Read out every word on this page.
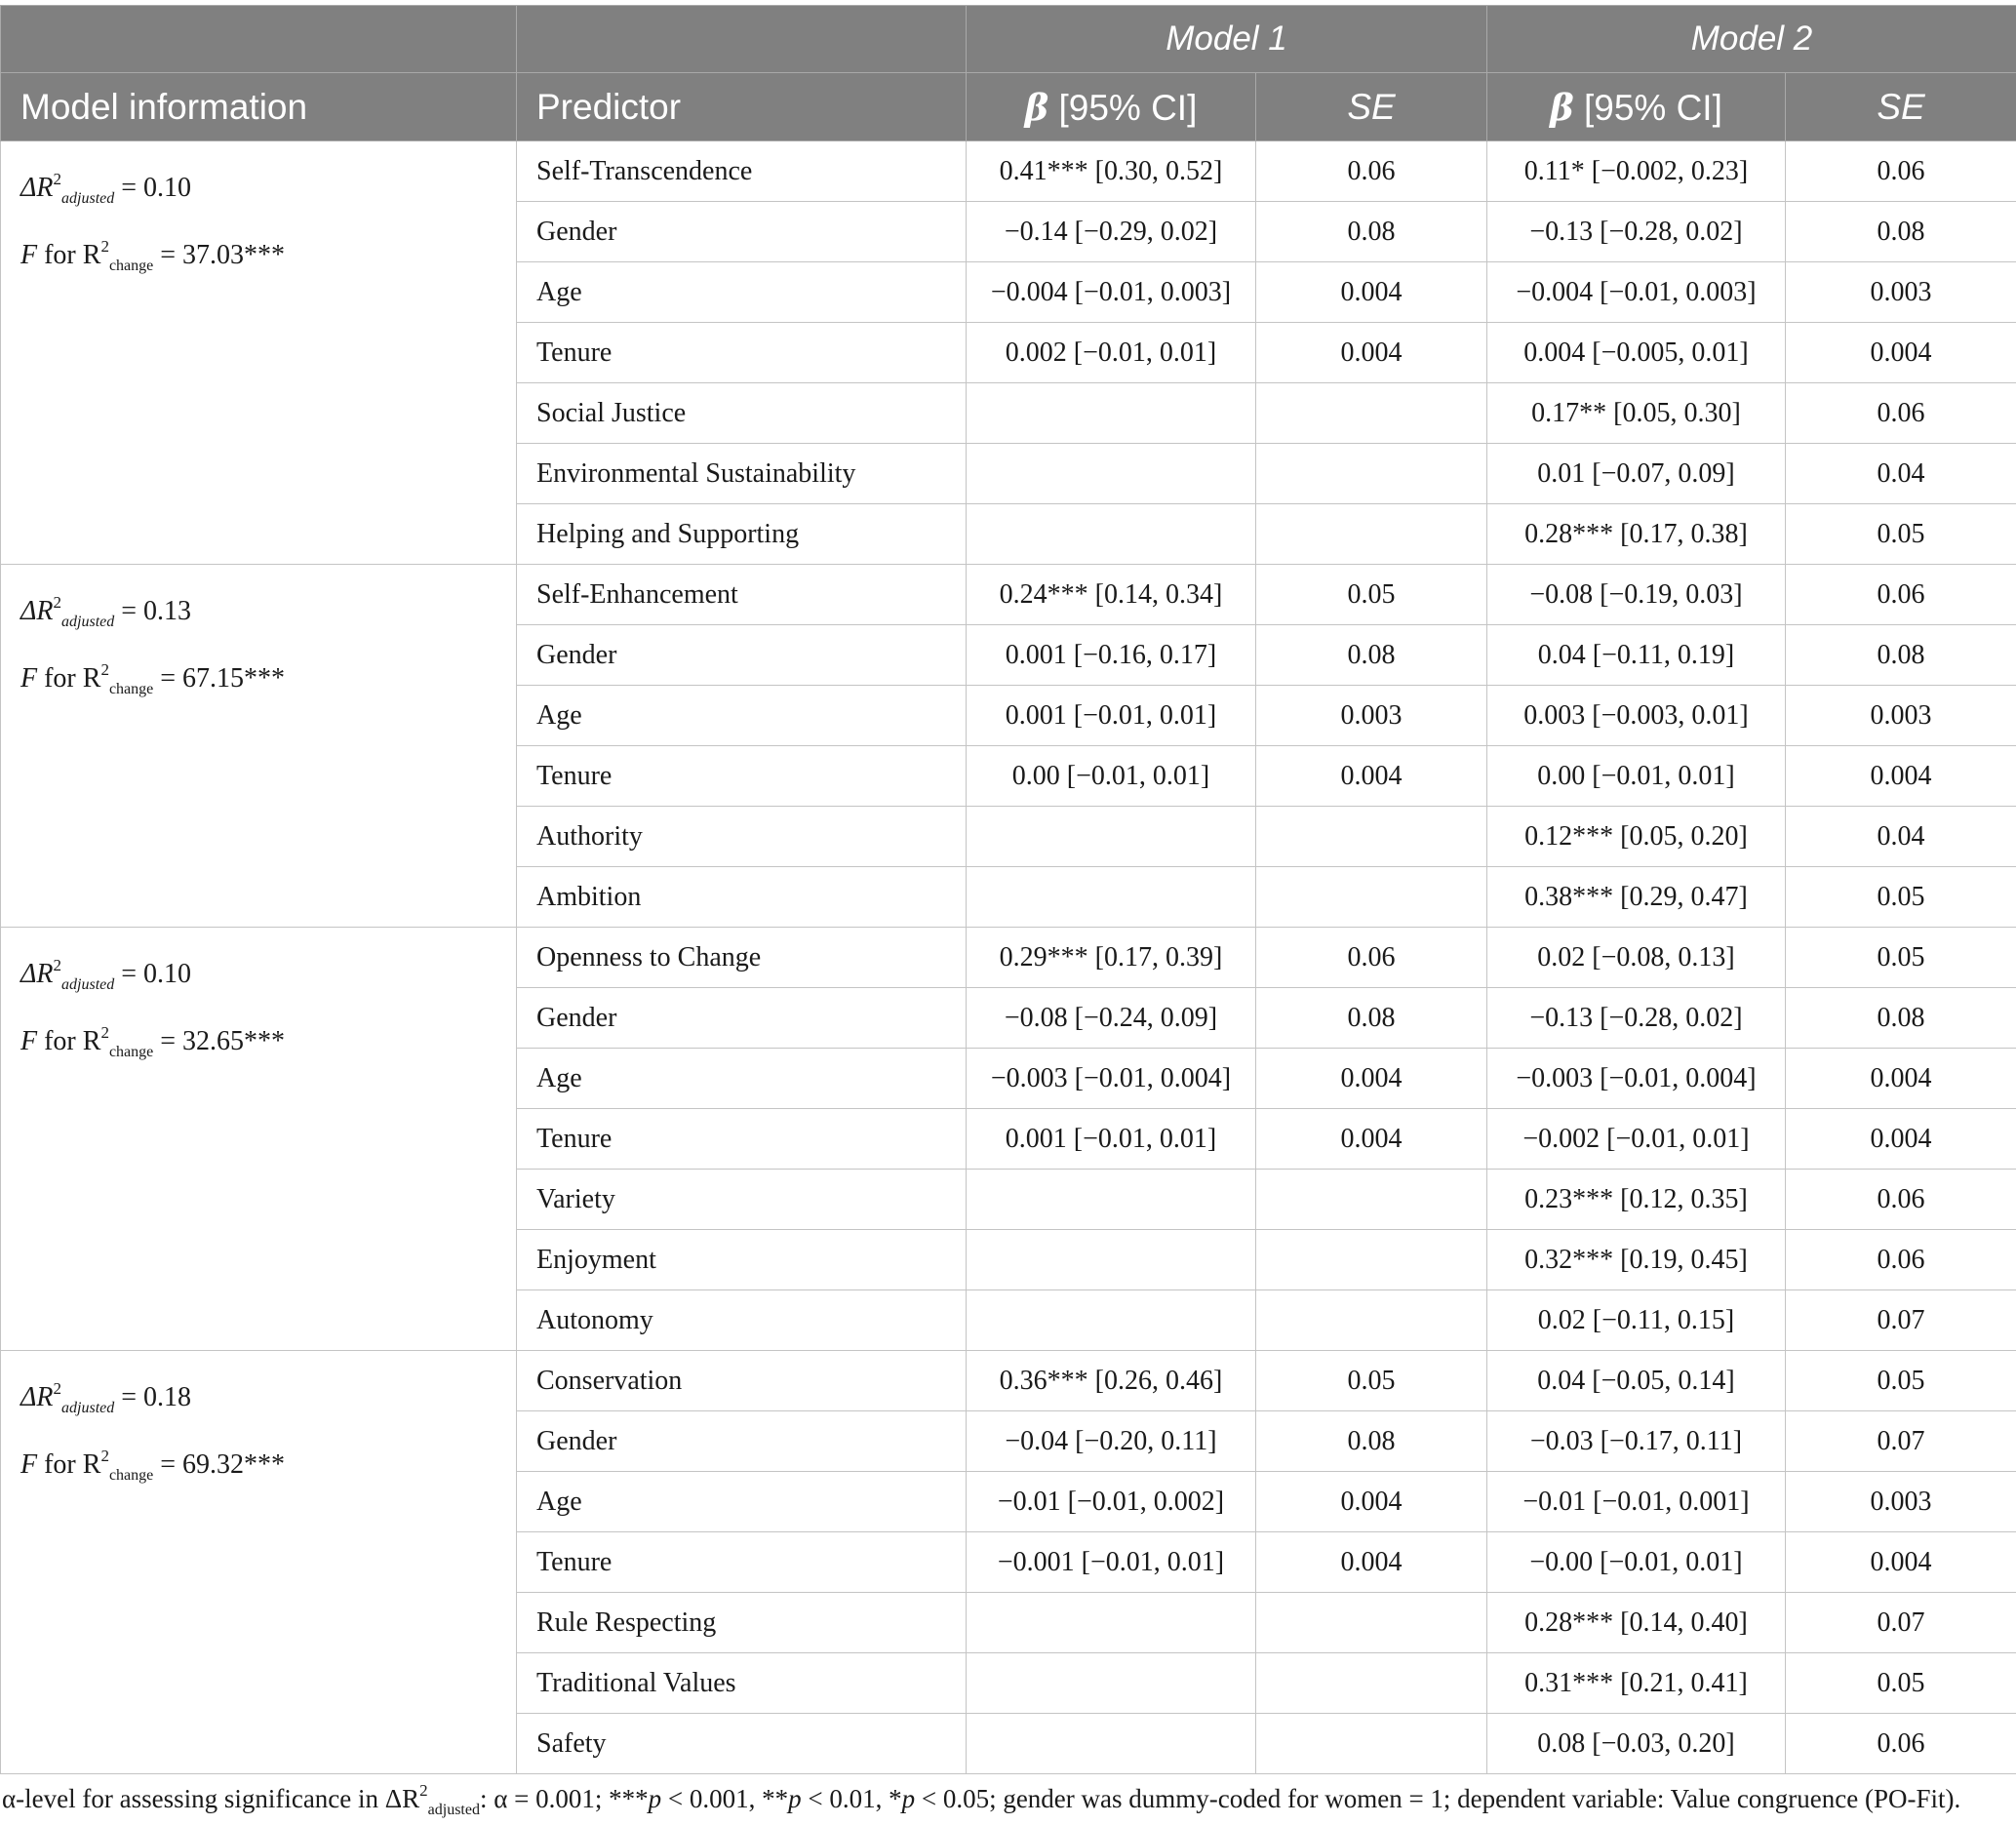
		Model 1		Model 2	
Model information	Predictor	β [95% CI]	SE	β [95% CI]	SE

$\Delta R^2_{adjusted} = 0.10$
F for $R^2_{change} = 37.03***$	Self-Transcendence	0.41*** [0.30, 0.52]	0.06	0.11* [−0.002, 0.23]	0.06
	Gender	−0.14 [−0.29, 0.02]	0.08	−0.13 [−0.28, 0.02]	0.08
	Age	−0.004 [−0.01, 0.003]	0.004	−0.004 [−0.01, 0.003]	0.003
	Tenure	0.002 [−0.01, 0.01]	0.004	0.004 [−0.005, 0.01]	0.004
	Social Justice			0.17** [0.05, 0.30]	0.06
	Environmental Sustainability			0.01 [−0.07, 0.09]	0.04
	Helping and Supporting			0.28*** [0.17, 0.38]	0.05

$\Delta R^2_{adjusted} = 0.13$
F for $R^2_{change} = 67.15***$	Self-Enhancement	0.24*** [0.14, 0.34]	0.05	−0.08 [−0.19, 0.03]	0.06
	Gender	0.001 [−0.16, 0.17]	0.08	0.04 [−0.11, 0.19]	0.08
	Age	0.001 [−0.01, 0.01]	0.003	0.003 [−0.003, 0.01]	0.003
	Tenure	0.00 [−0.01, 0.01]	0.004	0.00 [−0.01, 0.01]	0.004
	Authority			0.12*** [0.05, 0.20]	0.04
	Ambition			0.38*** [0.29, 0.47]	0.05

$\Delta R^2_{adjusted} = 0.10$
F for $R^2_{change} = 32.65***$	Openness to Change	0.29*** [0.17, 0.39]	0.06	0.02 [−0.08, 0.13]	0.05
	Gender	−0.08 [−0.24, 0.09]	0.08	−0.13 [−0.28, 0.02]	0.08
	Age	−0.003 [−0.01, 0.004]	0.004	−0.003 [−0.01, 0.004]	0.004
	Tenure	0.001 [−0.01, 0.01]	0.004	−0.002 [−0.01, 0.01]	0.004
	Variety			0.23*** [0.12, 0.35]	0.06
	Enjoyment			0.32*** [0.19, 0.45]	0.06
	Autonomy			0.02 [−0.11, 0.15]	0.07

$\Delta R^2_{adjusted} = 0.18$
F for $R^2_{change} = 69.32***$	Conservation	0.36*** [0.26, 0.46]	0.05	0.04 [−0.05, 0.14]	0.05
	Gender	−0.04 [−0.20, 0.11]	0.08	−0.03 [−0.17, 0.11]	0.07
	Age	−0.01 [−0.01, 0.002]	0.004	−0.01 [−0.01, 0.001]	0.003
	Tenure	−0.001 [−0.01, 0.01]	0.004	−0.00 [−0.01, 0.01]	0.004
	Rule Respecting			0.28*** [0.14, 0.40]	0.07
	Traditional Values			0.31*** [0.21, 0.41]	0.05
	Safety			0.08 [−0.03, 0.20]	0.06
α-level for assessing significance in $\Delta R^2_{adjusted}$: α = 0.001; ***p < 0.001, **p < 0.01, *p < 0.05; gender was dummy-coded for women = 1; dependent variable: Value congruence (PO-Fit).
